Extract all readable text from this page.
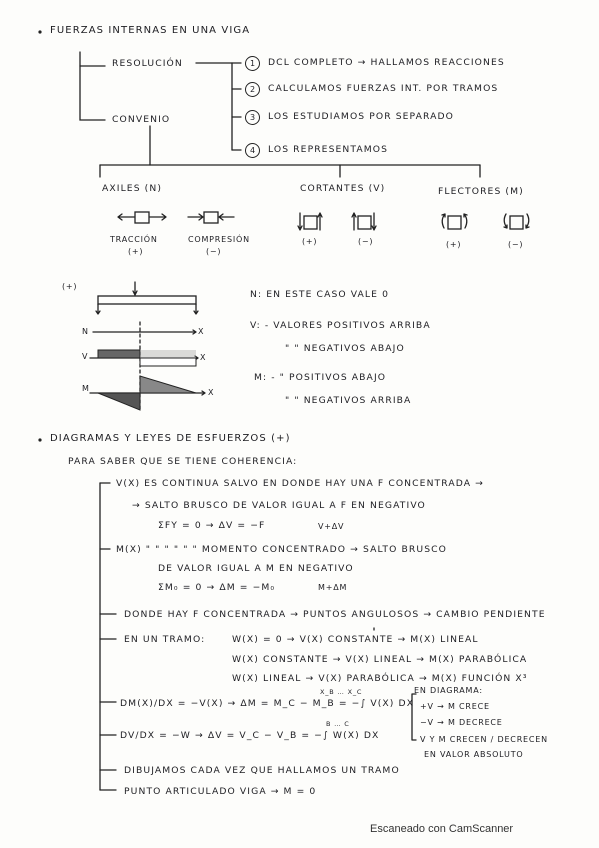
FUERZAS INTERNAS EN UNA VIGA
RESOLUCIÓN
CONVENIO
1	DCL COMPLETO → HALLAMOS REACCIONES
2	CALCULAMOS FUERZAS INT. POR TRAMOS
3	LOS ESTUDIAMOS POR SEPARADO
4	LOS REPRESENTAMOS
AXILES (N)
TRACCIÓN
(+)
COMPRESIÓN
(−)
CORTANTES (V)
(+)	(−)
FLECTORES (M)
(+)	(−)
(+)
N	X
V	X
M	X
N: EN ESTE CASO VALE 0
V: - VALORES POSITIVOS ARRIBA
" " NEGATIVOS ABAJO
M: - " POSITIVOS ABAJO
" " NEGATIVOS ARRIBA
DIAGRAMAS Y LEYES DE ESFUERZOS (+)
PARA SABER QUE SE TIENE COHERENCIA:
V(X) ES CONTINUA SALVO EN DONDE HAY UNA F CONCENTRADA →
→ SALTO BRUSCO DE VALOR IGUAL A F EN NEGATIVO
ΣFY = 0 → ΔV = −F	V+ΔV
M(X) " " " " " " MOMENTO CONCENTRADO → SALTO BRUSCO
DE VALOR IGUAL A M EN NEGATIVO
ΣM₀ = 0 → ΔM = −M₀	M+ΔM
DONDE HAY F CONCENTRADA → PUNTOS ANGULOSOS → CAMBIO PENDIENTE
EN UN TRAMO:	W(X) = 0 → V(X) CONSTANTE → M(X) LINEAL
W(X) CONSTANTE → V(X) LINEAL → M(X) PARABÓLICA
W(X) LINEAL → V(X) PARABÓLICA → M(X) FUNCIÓN X³
DM(X)/DX = −V(X) → ΔM = M_C − M_B = −∫ V(X) DX
X_B … X_C
DV/DX = −W → ΔV = V_C − V_B = −∫ W(X) DX
B … C
EN DIAGRAMA:
+V → M CRECE
−V → M DECRECE
V Y M CRECEN / DECRECEN
EN VALOR ABSOLUTO
DIBUJAMOS CADA VEZ QUE HALLAMOS UN TRAMO
PUNTO ARTICULADO VIGA → M = 0
Escaneado con CamScanner
